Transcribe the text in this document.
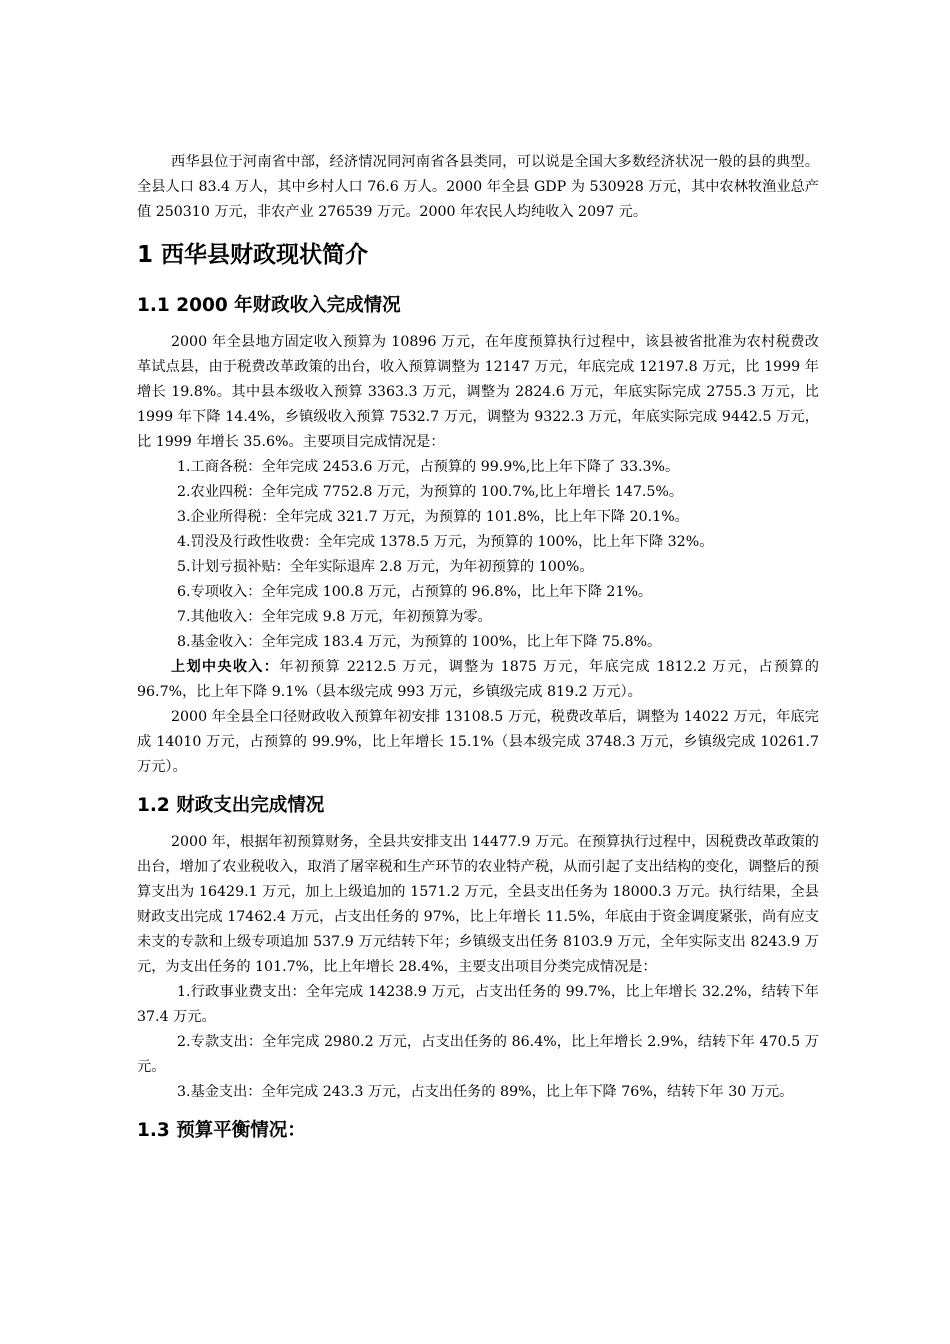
西华县位于河南省中部，经济情况同河南省各县类同，可以说是全国大多数经济状况一般的县的典型。 全县人口 83.4 万人，其中乡村人口 76.6 万人。2000 年全县 GDP 为 530928 万元，其中农林牧渔业总产值 250310 万元，非农产业 276539 万元。2000 年农民人均纯收入 2097 元。

1 西华县财政现状简介
1.1 2000 年财政收入完成情况

2000 年全县地方固定收入预算为 10896 万元，在年度预算执行过程中，该县被省批准为农村税费改革试点县，由于税费改革政策的出台，收入预算调整为 12147 万元，年底完成 12197.8 万元，比 1999 年增长 19.8%。其中县本级收入预算 3363.3 万元，调整为 2824.6 万元，年底实际完成 2755.3 万元，比 1999 年下降 14.4%，乡镇级收入预算 7532.7 万元，调整为 9322.3 万元，年底实际完成 9442.5 万元，比 1999 年增长 35.6%。主要项目完成情况是：

1.工商各税：全年完成 2453.6 万元，占预算的 99.9%,比上年下降了 33.3%。

2.农业四税：全年完成 7752.8 万元，为预算的 100.7%,比上年增长 147.5%。

3.企业所得税：全年完成 321.7 万元，为预算的 101.8%，比上年下降 20.1%。

4.罚没及行政性收费：全年完成 1378.5 万元，为预算的 100%，比上年下降 32%。

5.计划亏损补贴：全年实际退库 2.8 万元，为年初预算的 100%。

6.专项收入：全年完成 100.8 万元，占预算的 96.8%，比上年下降 21%。

7.其他收入：全年完成 9.8 万元，年初预算为零。

8.基金收入：全年完成 183.4 万元，为预算的 100%，比上年下降 75.8%。

上划中央收入：年初预算 2212.5 万元，调整为 1875 万元，年底完成 1812.2 万元，占预算的 96.7%，比上年下降 9.1%（县本级完成 993 万元，乡镇级完成 819.2 万元）。

2000 年全县全口径财政收入预算年初安排 13108.5 万元，税费改革后，调整为 14022 万元，年底完成 14010 万元，占预算的 99.9%，比上年增长 15.1%（县本级完成 3748.3 万元，乡镇级完成 10261.7 万元）。

1.2 财政支出完成情况

2000 年，根据年初预算财务，全县共安排支出 14477.9 万元。在预算执行过程中，因税费改革政策的出台，增加了农业税收入，取消了屠宰税和生产环节的农业特产税，从而引起了支出结构的变化，调整后的预算支出为 16429.1 万元，加上上级追加的 1571.2 万元，全县支出任务为 18000.3 万元。执行结果，全县财政支出完成 17462.4 万元，占支出任务的 97%，比上年增长 11.5%，年底由于资金调度紧张，尚有应支未支的专款和上级专项追加 537.9 万元结转下年；乡镇级支出任务 8103.9 万元，全年实际支出 8243.9 万元，为支出任务的 101.7%，比上年增长 28.4%，主要支出项目分类完成情况是：

1.行政事业费支出：全年完成 14238.9 万元，占支出任务的 99.7%，比上年增长 32.2%，结转下年 37.4 万元。

2.专款支出：全年完成 2980.2 万元，占支出任务的 86.4%，比上年增长 2.9%，结转下年 470.5 万元。

3.基金支出：全年完成 243.3 万元，占支出任务的 89%，比上年下降 76%，结转下年 30 万元。

1.3 预算平衡情况：
